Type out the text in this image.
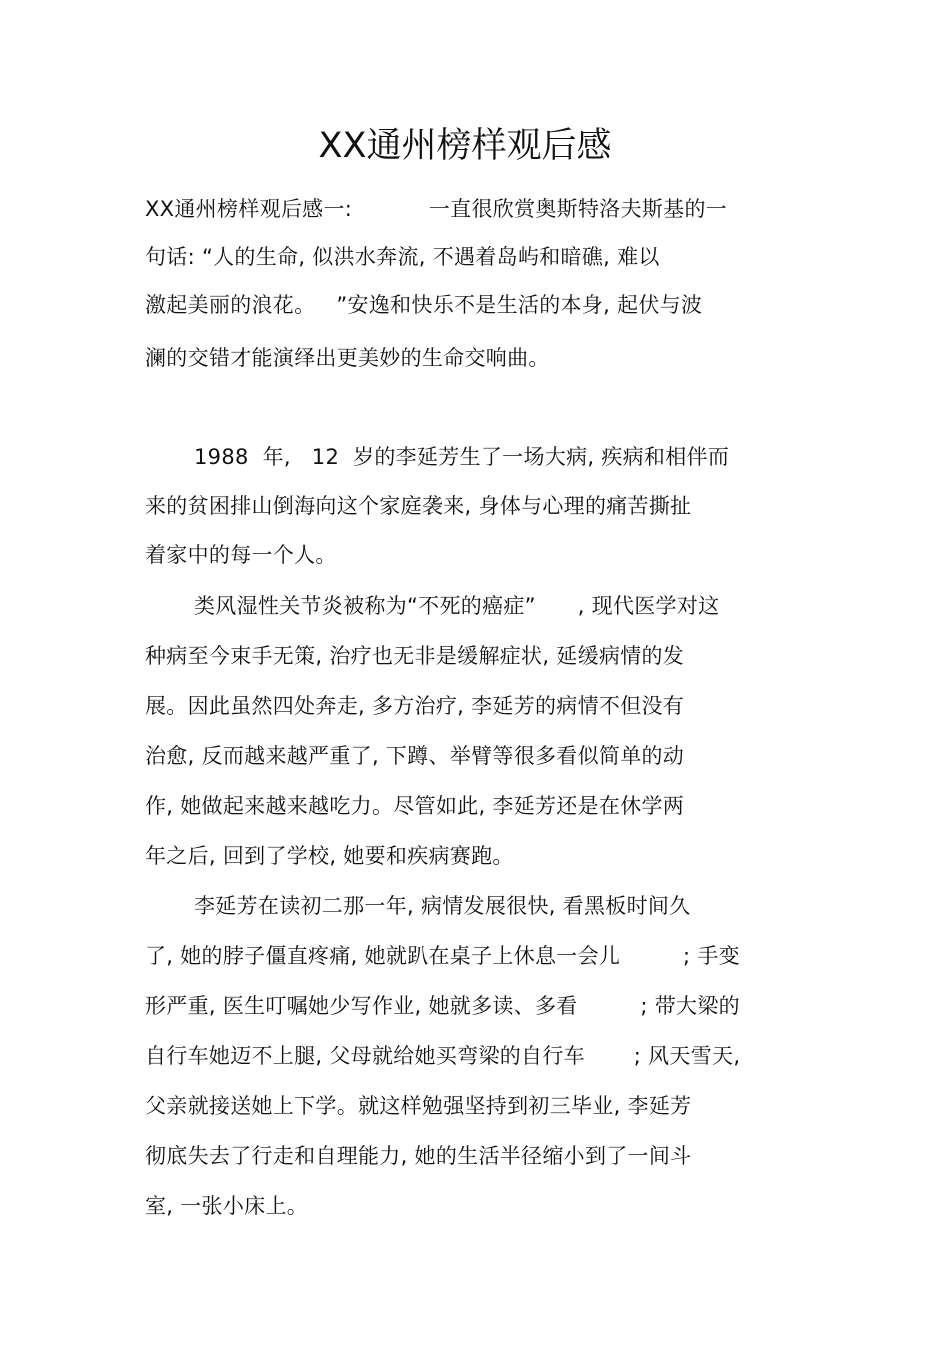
XX通州榜样观后感
XX通州榜样观后感一:           一直很欣赏奥斯特洛夫斯基的一
句话: “人的生命, 似洪水奔流, 不遇着岛屿和暗礁, 难以
激起美丽的浪花。   ”安逸和快乐不是生活的本身, 起伏与波
澜的交错才能演绎出更美妙的生命交响曲。
1988  年,   12  岁的李延芳生了一场大病, 疾病和相伴而
来的贫困排山倒海向这个家庭袭来, 身体与心理的痛苦撕扯
着家中的每一个人。
类风湿性关节炎被称为“不死的癌症”      , 现代医学对这
种病至今束手无策, 治疗也无非是缓解症状, 延缓病情的发
展。因此虽然四处奔走, 多方治疗, 李延芳的病情不但没有
治愈, 反而越来越严重了, 下蹲、举臂等很多看似简单的动
作, 她做起来越来越吃力。尽管如此, 李延芳还是在休学两
年之后, 回到了学校, 她要和疾病赛跑。
李延芳在读初二那一年, 病情发展很快, 看黑板时间久
了, 她的脖子僵直疼痛, 她就趴在桌子上休息一会儿         ; 手变
形严重, 医生叮嘱她少写作业, 她就多读、多看         ; 带大梁的
自行车她迈不上腿, 父母就给她买弯梁的自行车       ; 风天雪天,
父亲就接送她上下学。就这样勉强坚持到初三毕业, 李延芳
彻底失去了行走和自理能力, 她的生活半径缩小到了一间斗
室, 一张小床上。
